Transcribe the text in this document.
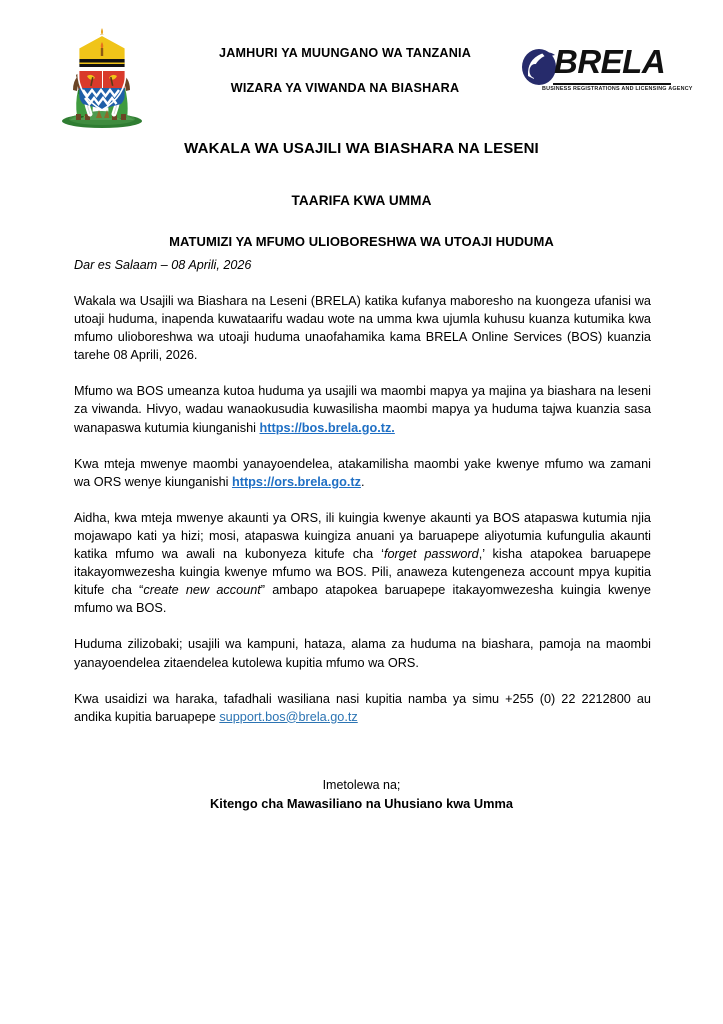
JAMHURI YA MUUNGANO WA TANZANIA
WIZARA YA VIWANDA NA BIASHARA
BRELA
BUSINESS REGISTRATIONS AND LICENSING AGENCY
WAKALA WA USAJILI WA BIASHARA NA LESENI
TAARIFA KWA UMMA
MATUMIZI YA MFUMO ULIOBORESHWA WA UTOAJI HUDUMA
Dar es Salaam – 08 Aprili, 2026

Wakala wa Usajili wa Biashara na Leseni (BRELA) katika kufanya maboresho na kuongeza ufanisi wa utoaji huduma, inapenda kuwataarifu wadau wote na umma kwa ujumla kuhusu kuanza kutumika kwa mfumo ulioboreshwa wa utoaji huduma unaofahamika kama BRELA Online Services (BOS) kuanzia tarehe 08 Aprili, 2026.

Mfumo wa BOS umeanza kutoa huduma ya usajili wa maombi mapya ya majina ya biashara na leseni za viwanda. Hivyo, wadau wanaokusudia kuwasilisha maombi mapya ya huduma tajwa kuanzia sasa wanapaswa kutumia kiunganishi https://bos.brela.go.tz.

Kwa mteja mwenye maombi yanayoendelea, atakamilisha maombi yake kwenye mfumo wa zamani wa ORS wenye kiunganishi https://ors.brela.go.tz.

Aidha, kwa mteja mwenye akaunti ya ORS, ili kuingia kwenye akaunti ya BOS atapaswa kutumia njia mojawapo kati ya hizi; mosi, atapaswa kuingiza anuani ya baruapepe aliyotumia kufungulia akaunti katika mfumo wa awali na kubonyeza kitufe cha ‘forget password,’ kisha atapokea baruapepe itakayomwezesha kuingia kwenye mfumo wa BOS. Pili, anaweza kutengeneza account mpya kupitia kitufe cha “create new account” ambapo atapokea baruapepe itakayomwezesha kuingia kwenye mfumo wa BOS.

Huduma zilizobaki; usajili wa kampuni, hataza, alama za huduma na biashara, pamoja na maombi yanayoendelea zitaendelea kutolewa kupitia mfumo wa ORS.

Kwa usaidizi wa haraka, tafadhali wasiliana nasi kupitia namba ya simu +255 (0) 22 2212800 au andika kupitia baruapepe support.bos@brela.go.tz

Imetolewa na;
Kitengo cha Mawasiliano na Uhusiano kwa Umma
